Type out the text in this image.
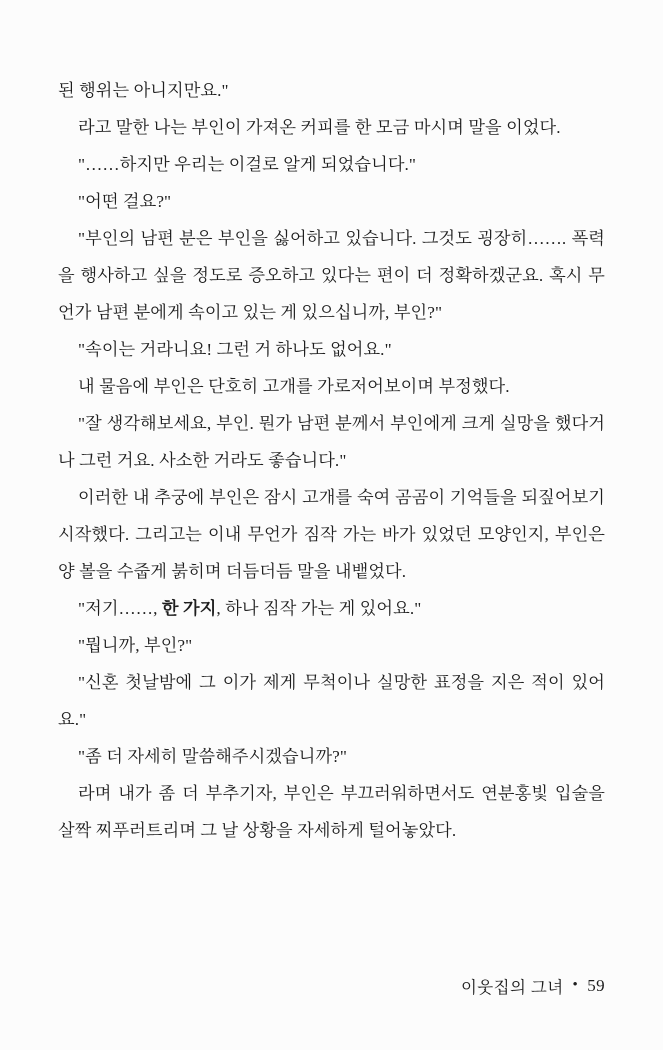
된 행위는 아니지만요."

라고 말한 나는 부인이 가져온 커피를 한 모금 마시며 말을 이었다.

"……하지만 우리는 이걸로 알게 되었습니다."

"어떤 걸요?"

"부인의 남편 분은 부인을 싫어하고 있습니다. 그것도 굉장히……. 폭력을 행사하고 싶을 정도로 증오하고 있다는 편이 더 정확하겠군요. 혹시 무언가 남편 분에게 속이고 있는 게 있으십니까, 부인?"

"속이는 거라니요! 그런 거 하나도 없어요."

내 물음에 부인은 단호히 고개를 가로저어보이며 부정했다.

"잘 생각해보세요, 부인. 뭔가 남편 분께서 부인에게 크게 실망을 했다거나 그런 거요. 사소한 거라도 좋습니다."

이러한 내 추궁에 부인은 잠시 고개를 숙여 곰곰이 기억들을 되짚어보기 시작했다. 그리고는 이내 무언가 짐작 가는 바가 있었던 모양인지, 부인은 양 볼을 수줍게 붉히며 더듬더듬 말을 내뱉었다.

"저기……, 한 가지, 하나 짐작 가는 게 있어요."

"뭡니까, 부인?"

"신혼 첫날밤에 그 이가 제게 무척이나 실망한 표정을 지은 적이 있어요."

"좀 더 자세히 말씀해주시겠습니까?"

라며 내가 좀 더 부추기자, 부인은 부끄러워하면서도 연분홍빛 입술을 살짝 찌푸러트리며 그 날 상황을 자세하게 털어놓았다.

이웃집의 그녀 • 59
